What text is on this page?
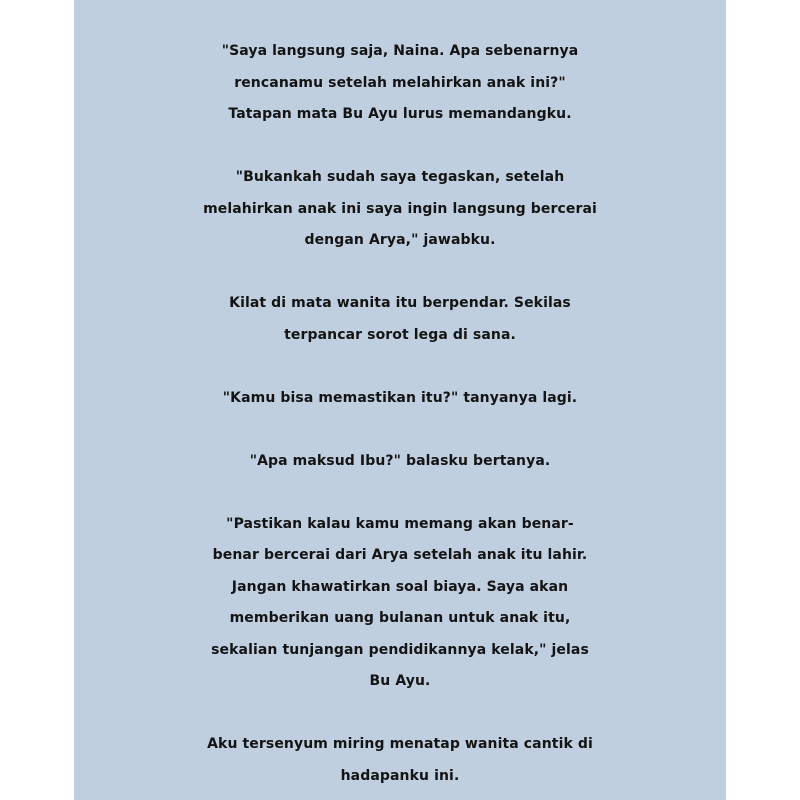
"Saya langsung saja, Naina. Apa sebenarnya
rencanamu setelah melahirkan anak ini?"
Tatapan mata Bu Ayu lurus memandangku.

"Bukankah sudah saya tegaskan, setelah
melahirkan anak ini saya ingin langsung bercerai
dengan Arya," jawabku.

Kilat di mata wanita itu berpendar. Sekilas
terpancar sorot lega di sana.

"Kamu bisa memastikan itu?" tanyanya lagi.

"Apa maksud Ibu?" balasku bertanya.

"Pastikan kalau kamu memang akan benar-
benar bercerai dari Arya setelah anak itu lahir.
Jangan khawatirkan soal biaya. Saya akan
memberikan uang bulanan untuk anak itu,
sekalian tunjangan pendidikannya kelak," jelas
Bu Ayu.

Aku tersenyum miring menatap wanita cantik di
hadapanku ini.
